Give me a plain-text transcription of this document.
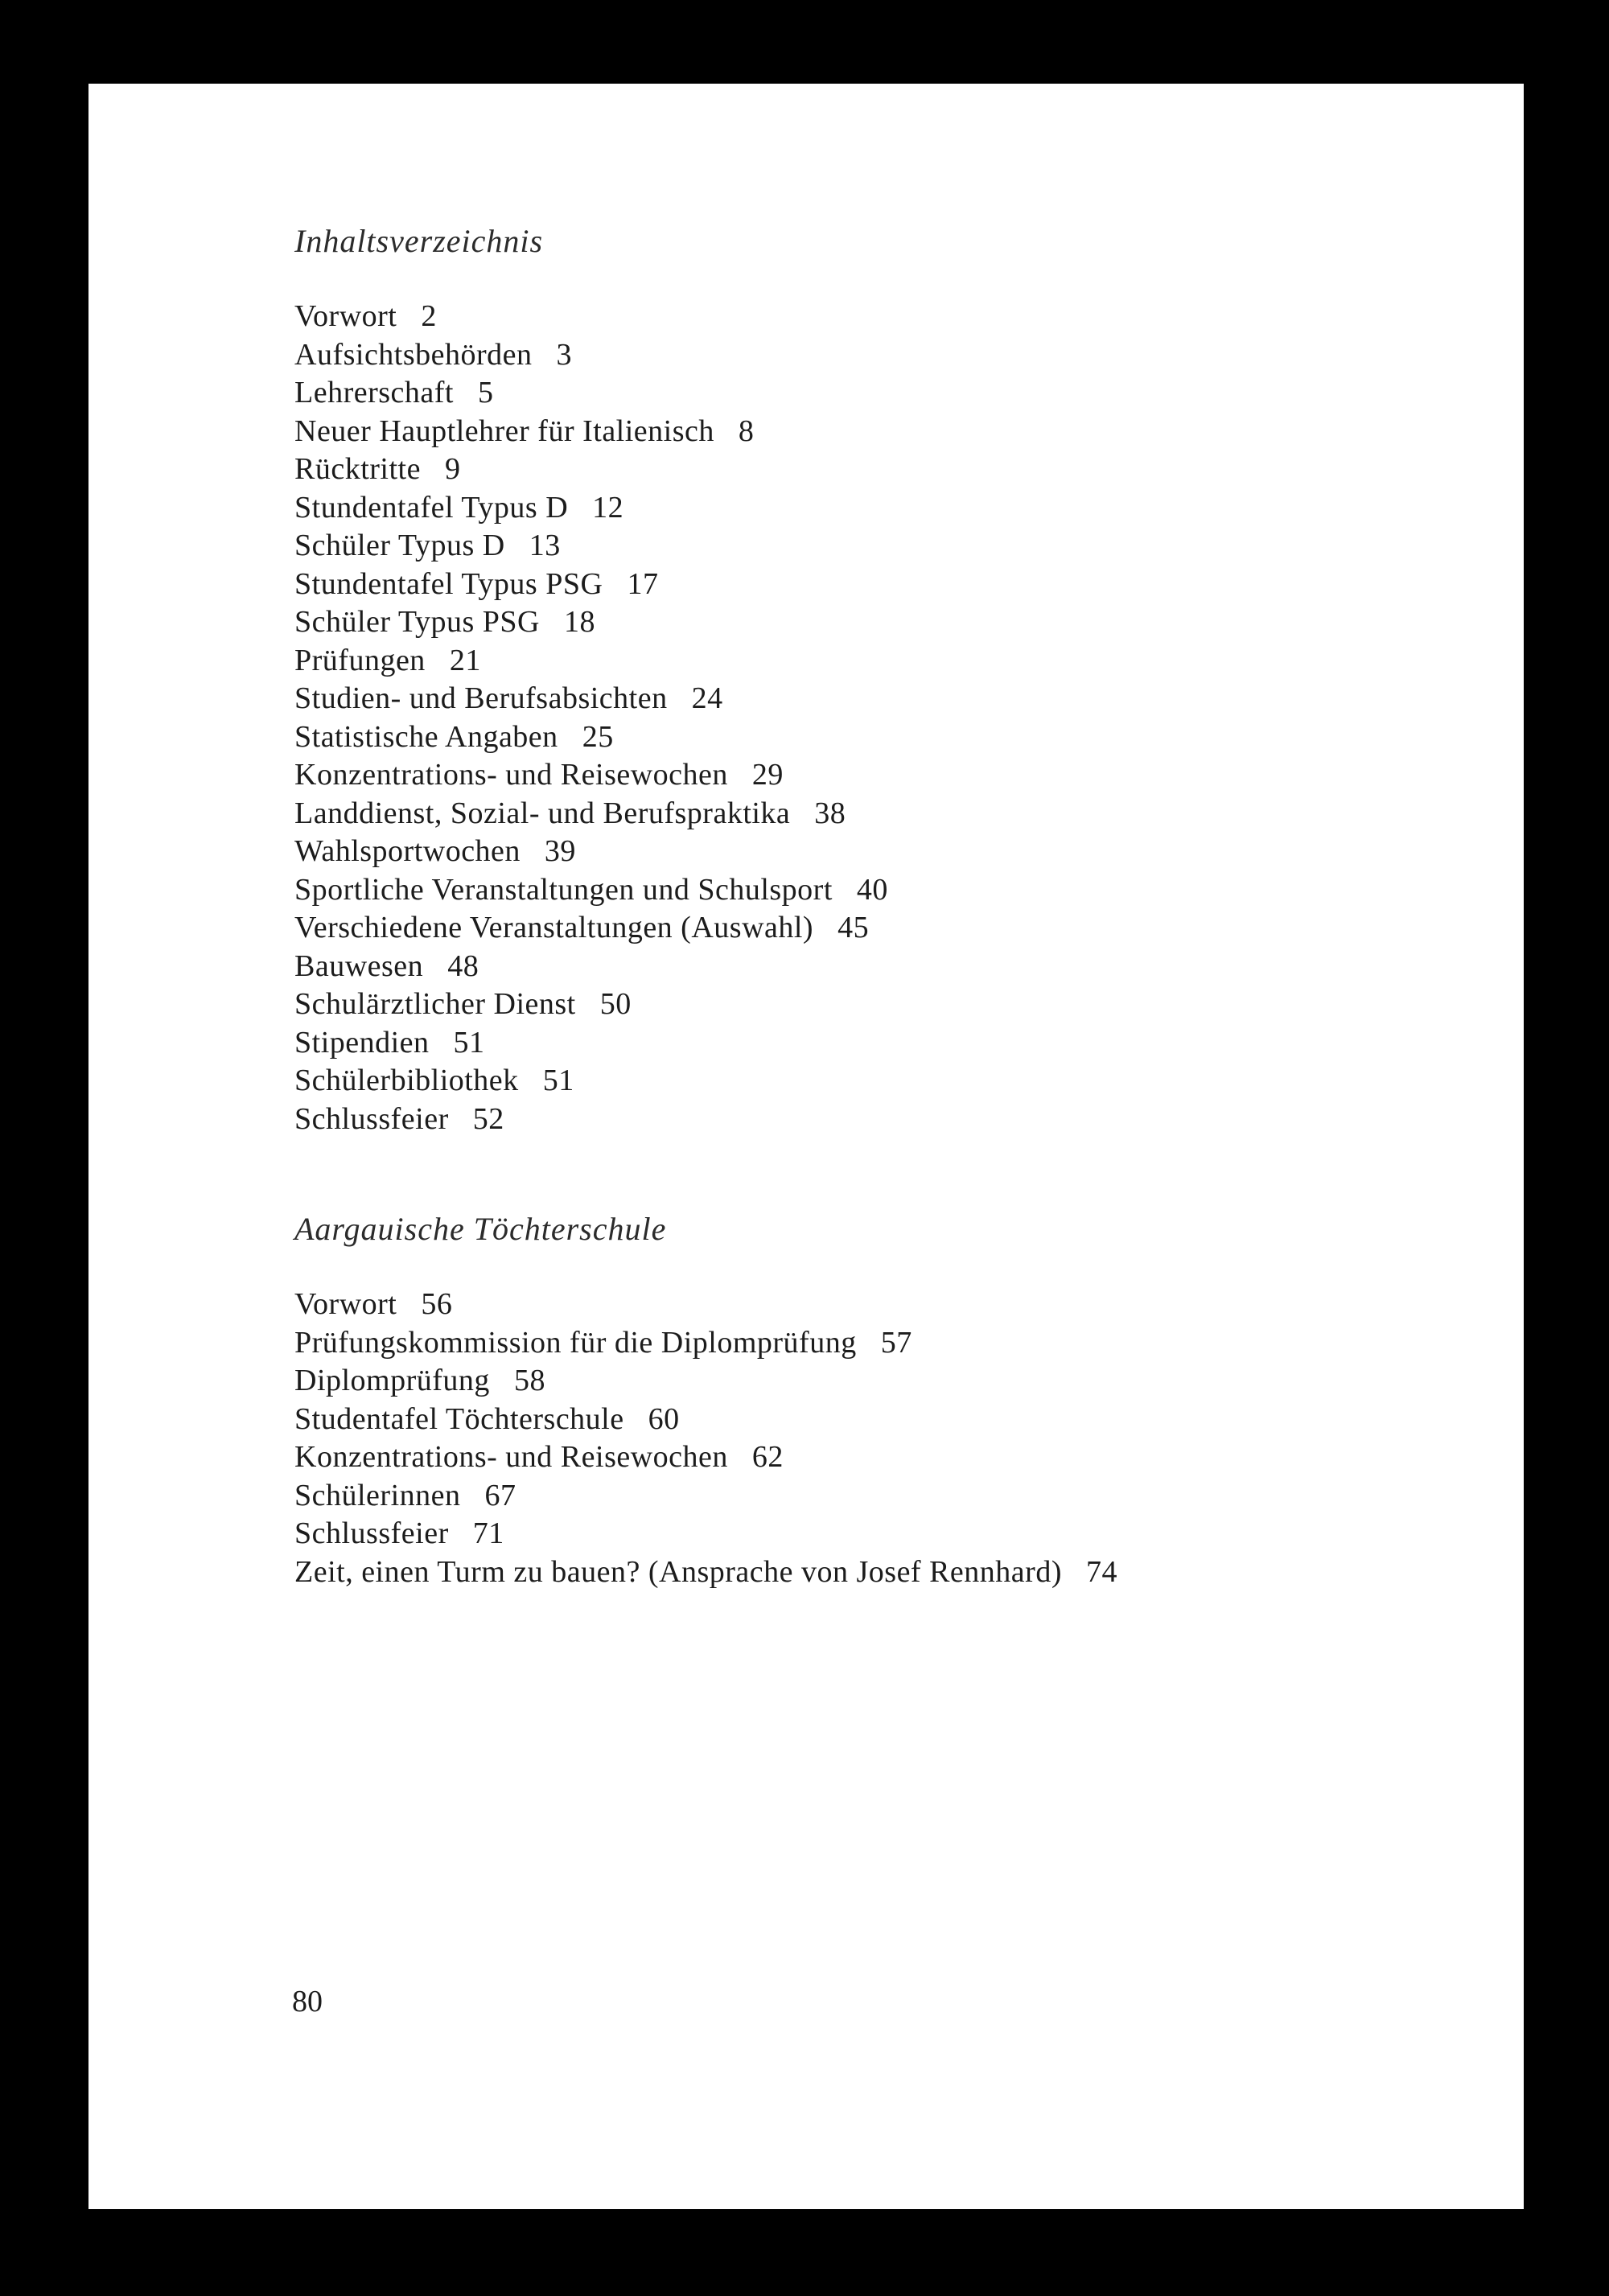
Inhaltsverzeichnis
Vorwort 2
Aufsichtsbehörden 3
Lehrerschaft 5
Neuer Hauptlehrer für Italienisch 8
Rücktritte 9
Stundentafel Typus D 12
Schüler Typus D 13
Stundentafel Typus PSG 17
Schüler Typus PSG 18
Prüfungen 21
Studien- und Berufsabsichten 24
Statistische Angaben 25
Konzentrations- und Reisewochen 29
Landdienst, Sozial- und Berufspraktika 38
Wahlsportwochen 39
Sportliche Veranstaltungen und Schulsport 40
Verschiedene Veranstaltungen (Auswahl) 45
Bauwesen 48
Schulärztlicher Dienst 50
Stipendien 51
Schülerbibliothek 51
Schlussfeier 52
Aargauische Töchterschule
Vorwort 56
Prüfungskommission für die Diplomprüfung 57
Diplomprüfung 58
Studentafel Töchterschule 60
Konzentrations- und Reisewochen 62
Schülerinnen 67
Schlussfeier 71
Zeit, einen Turm zu bauen? (Ansprache von Josef Rennhard) 74
80
